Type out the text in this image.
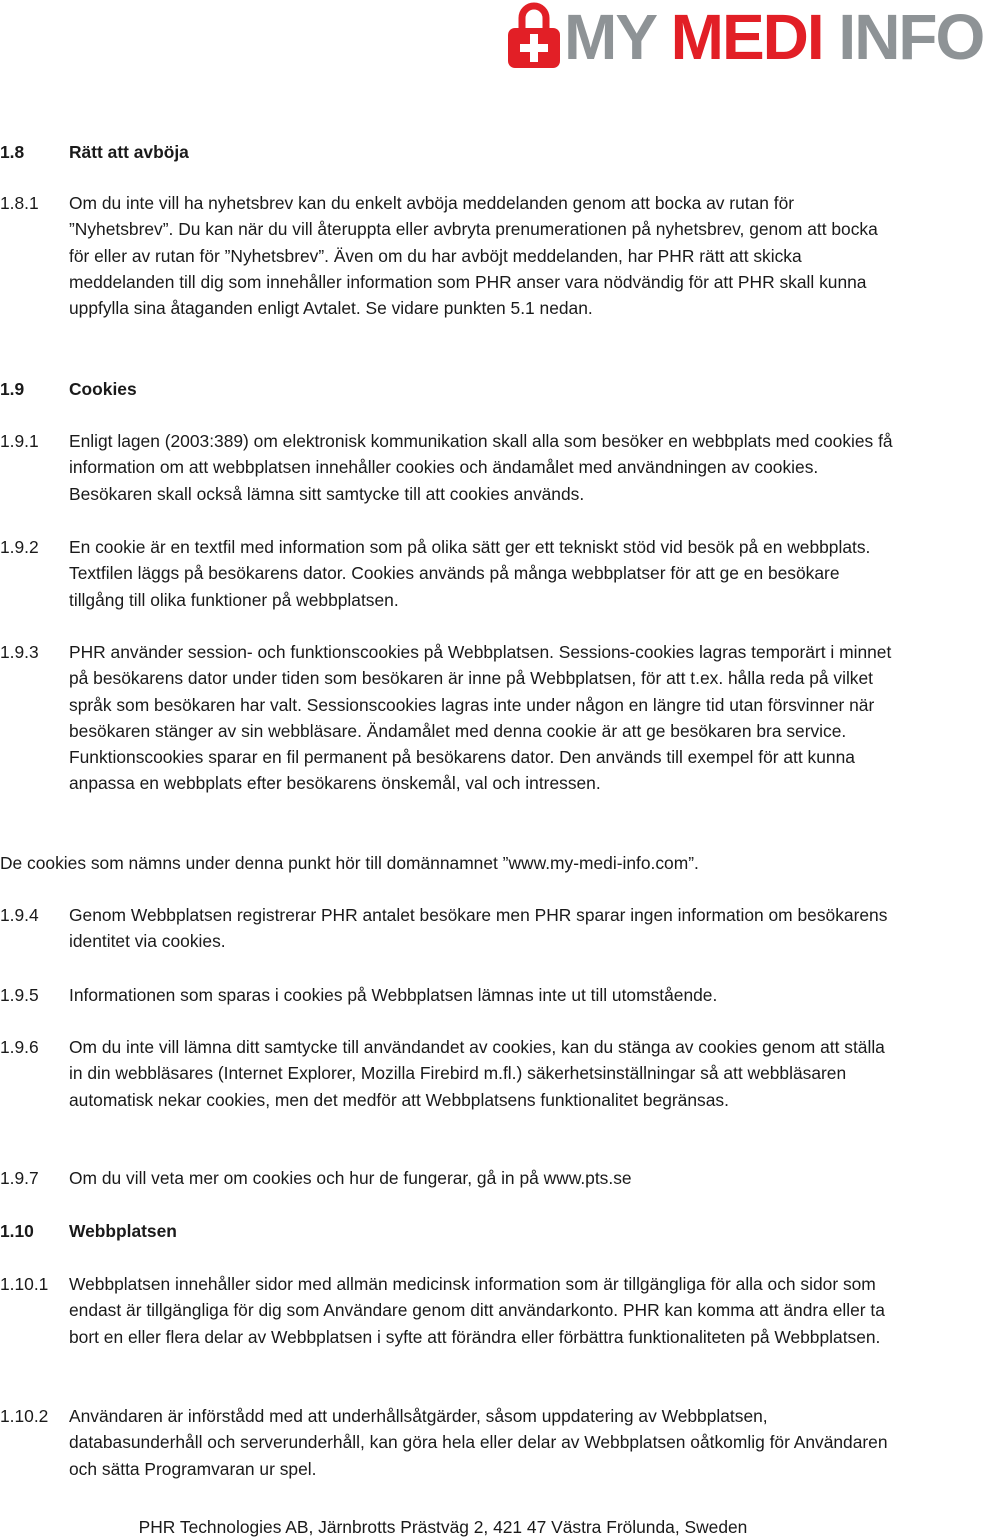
MY MEDI INFO
1.8	Rätt att avböja
1.8.1 Om du inte vill ha nyhetsbrev kan du enkelt avböja meddelanden genom att bocka av rutan för ”Nyhetsbrev”. Du kan när du vill återuppta eller avbryta prenumerationen på nyhetsbrev, genom att bocka för eller av rutan för ”Nyhetsbrev”. Även om du har avböjt meddelanden, har PHR rätt att skicka meddelanden till dig som innehåller information som PHR anser vara nödvändig för att PHR skall kunna uppfylla sina åtaganden enligt Avtalet. Se vidare punkten 5.1 nedan.
1.9	Cookies
1.9.1 Enligt lagen (2003:389) om elektronisk kommunikation skall alla som besöker en webbplats med cookies få information om att webbplatsen innehåller cookies och ändamålet med användningen av cookies. Besökaren skall också lämna sitt samtycke till att cookies används.
1.9.2 En cookie är en textfil med information som på olika sätt ger ett tekniskt stöd vid besök på en webbplats. Textfilen läggs på besökarens dator. Cookies används på många webbplatser för att ge en besökare tillgång till olika funktioner på webbplatsen.
1.9.3 PHR använder session- och funktionscookies på Webbplatsen. Sessions-cookies lagras temporärt i minnet på besökarens dator under tiden som besökaren är inne på Webbplatsen, för att t.ex. hålla reda på vilket språk som besökaren har valt. Sessionscookies lagras inte under någon en längre tid utan försvinner när besökaren stänger av sin webbläsare. Ändamålet med denna cookie är att ge besökaren bra service. Funktionscookies sparar en fil permanent på besökarens dator. Den används till exempel för att kunna anpassa en webbplats efter besökarens önskemål, val och intressen.
De cookies som nämns under denna punkt hör till domännamnet ”www.my-medi-info.com”.
1.9.4 Genom Webbplatsen registrerar PHR antalet besökare men PHR sparar ingen information om besökarens identitet via cookies.
1.9.5 Informationen som sparas i cookies på Webbplatsen lämnas inte ut till utomstående.
1.9.6 Om du inte vill lämna ditt samtycke till användandet av cookies, kan du stänga av cookies genom att ställa in din webbläsares (Internet Explorer, Mozilla Firebird m.fl.) säkerhetsinställningar så att webbläsaren automatisk nekar cookies, men det medför att Webbplatsens funktionalitet begränsas.
1.9.7 Om du vill veta mer om cookies och hur de fungerar, gå in på www.pts.se
1.10 Webbplatsen
1.10.1 Webbplatsen innehåller sidor med allmän medicinsk information som är tillgängliga för alla och sidor som endast är tillgängliga för dig som Användare genom ditt användarkonto. PHR kan komma att ändra eller ta bort en eller flera delar av Webbplatsen i syfte att förändra eller förbättra funktionaliteten på Webbplatsen.
1.10.2 Användaren är införstådd med att underhållsåtgärder, såsom uppdatering av Webbplatsen, databasunderhåll och serverunderhåll, kan göra hela eller delar av Webbplatsen oåtkomlig för Användaren och sätta Programvaran ur spel.
PHR Technologies AB, Järnbrotts Prästväg 2, 421 47 Västra Frölunda, Sweden
